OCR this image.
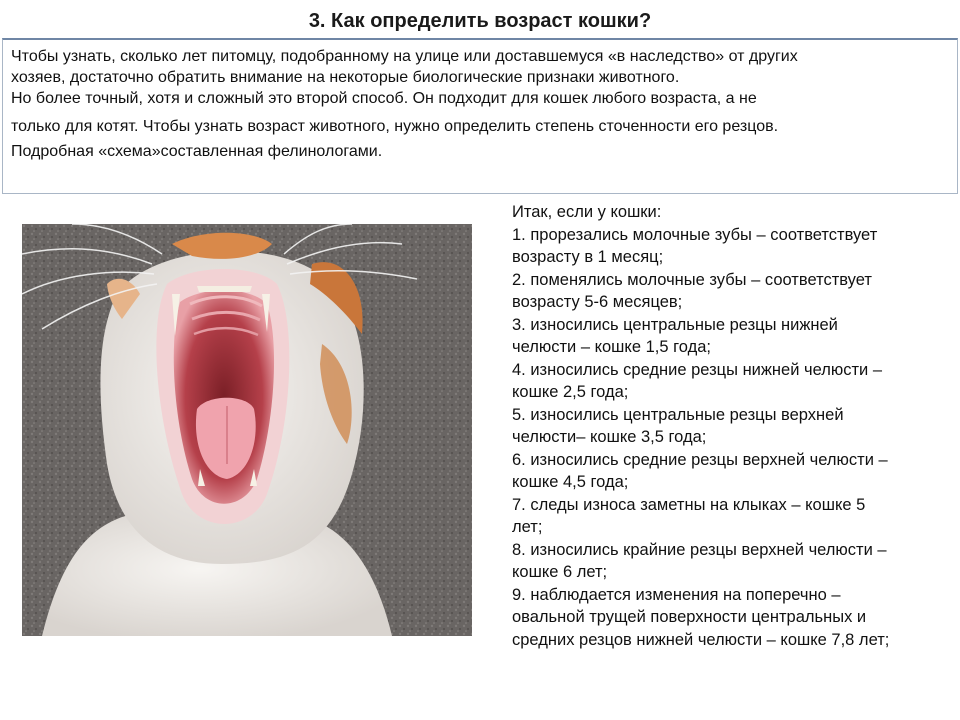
3. Как определить возраст кошки?

Чтобы узнать, сколько лет питомцу, подобранному на улице или доставшемуся «в наследство» от других

хозяев, достаточно обратить внимание на некоторые биологические признаки животного.

Но более точный, хотя и сложный это второй способ. Он подходит для кошек любого возраста, а не

только для котят. Чтобы узнать возраст животного, нужно определить степень сточенности его резцов.

Подробная «схема»составленная фелинологами.

Итак, если у кошки:
1. прорезались молочные зубы – соответствует
возрасту в 1 месяц;
2. поменялись молочные зубы – соответствует
возрасту 5-6 месяцев;
3. износились центральные резцы нижней
челюсти – кошке 1,5 года;
4. износились средние резцы нижней челюсти –
кошке 2,5 года;
5. износились центральные резцы верхней
челюсти– кошке 3,5 года;
6. износились средние резцы верхней челюсти –
кошке 4,5 года;
7. следы износа заметны на клыках – кошке 5
лет;
8. износились крайние резцы верхней челюсти –
кошке 6 лет;
9. наблюдается изменения на поперечно –
овальной трущей поверхности центральных и
средних резцов нижней челюсти – кошке 7,8 лет;
